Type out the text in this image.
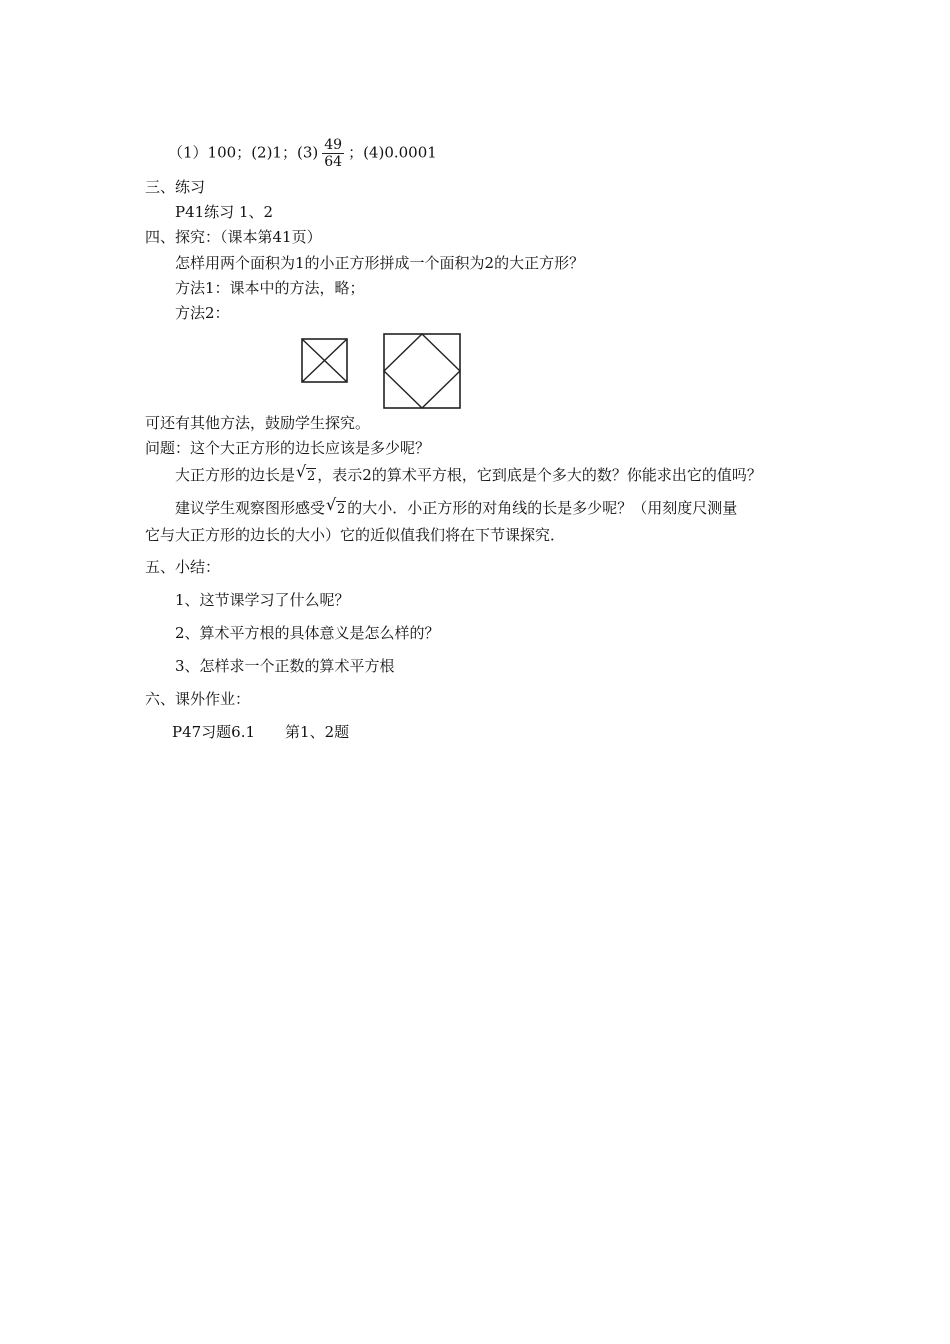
（1）100；(2)1；$(3) \frac{49}{64}$ ；(4)0.0001
三、练习
P41练习 1、2
四、探究：（课本第41页）
怎样用两个面积为1的小正方形拼成一个面积为2的大正方形？
方法1：课本中的方法，略；
方法2：
可还有其他方法，鼓励学生探究。
问题：这个大正方形的边长应该是多少呢？
大正方形的边长是 √ 2 ，表示2的算术平方根，它到底是个多大的数？你能求出它的值吗？
建议学生观察图形感受 √ 2 的大小．小正方形的对角线的长是多少呢？（用刻度尺测量
它与大正方形的边长的大小）它的近似值我们将在下节课探究．
五、小结：
1、这节课学习了什么呢？
2、算术平方根的具体意义是怎么样的？
3、怎样求一个正数的算术平方根
六、课外作业：
P47习题6.1　　第1、2题
